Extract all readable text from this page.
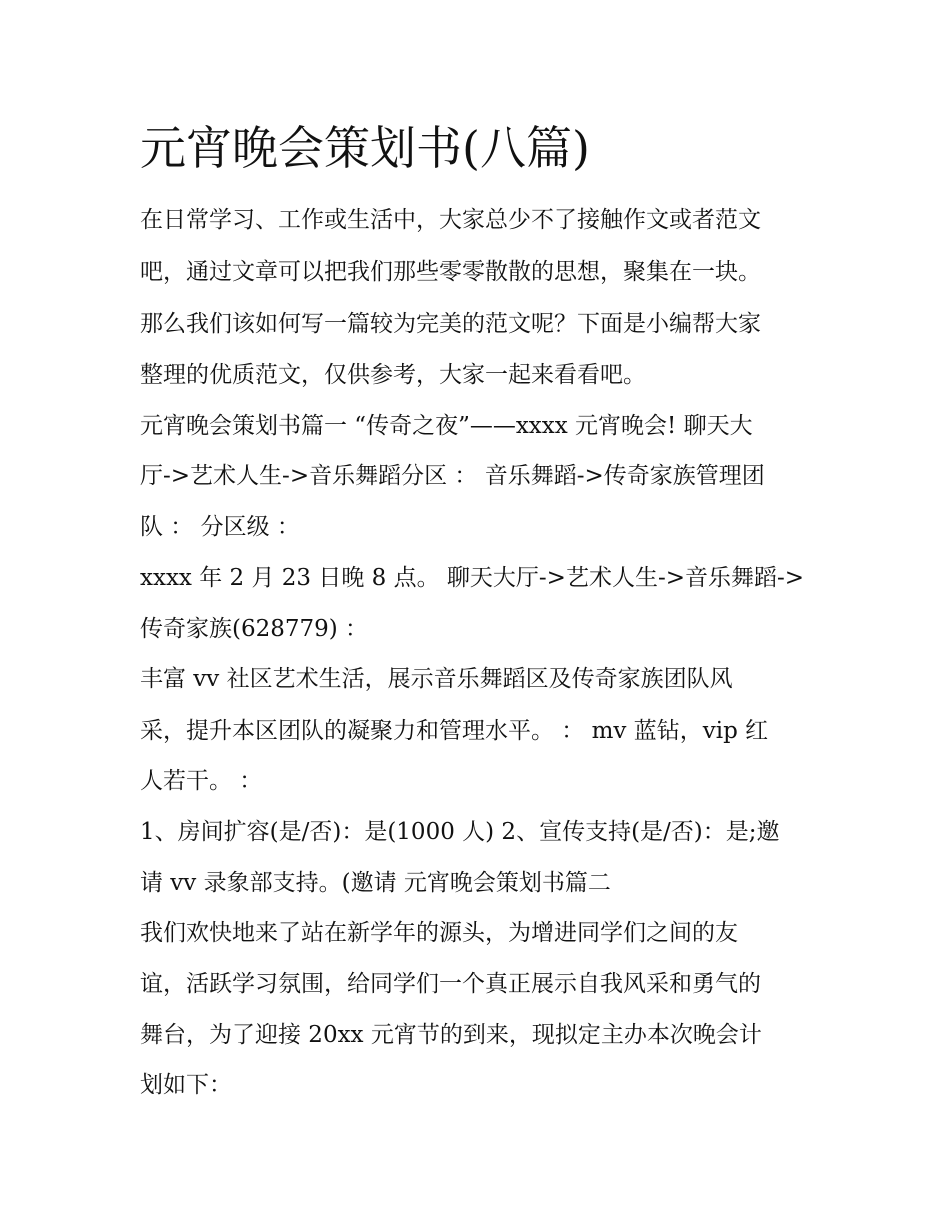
元宵晚会策划书(八篇)

在日常学习、工作或生活中，大家总少不了接触作文或者范文

吧，通过文章可以把我们那些零零散散的思想，聚集在一块。

那么我们该如何写一篇较为完美的范文呢？下面是小编帮大家

整理的优质范文，仅供参考，大家一起来看看吧。

元宵晚会策划书篇一 “传奇之夜”——xxxx 元宵晚会! 聊天大

厅->艺术人生->音乐舞蹈分区 ： 音乐舞蹈->传奇家族管理团

队 ： 分区级 ：

xxxx 年 2 月 23 日晚 8 点。 聊天大厅->艺术人生->音乐舞蹈->

传奇家族(628779) ：

丰富 vv 社区艺术生活，展示音乐舞蹈区及传奇家族团队风

采，提升本区团队的凝聚力和管理水平。 ： mv 蓝钻，vip 红

人若干。 ：

1、房间扩容(是/否)：是(1000 人) 2、宣传支持(是/否)：是;邀

请 vv 录象部支持。(邀请 元宵晚会策划书篇二

我们欢快地来了站在新学年的源头，为增进同学们之间的友

谊，活跃学习氛围，给同学们一个真正展示自我风采和勇气的

舞台，为了迎接 20xx 元宵节的到来，现拟定主办本次晚会计

划如下：
